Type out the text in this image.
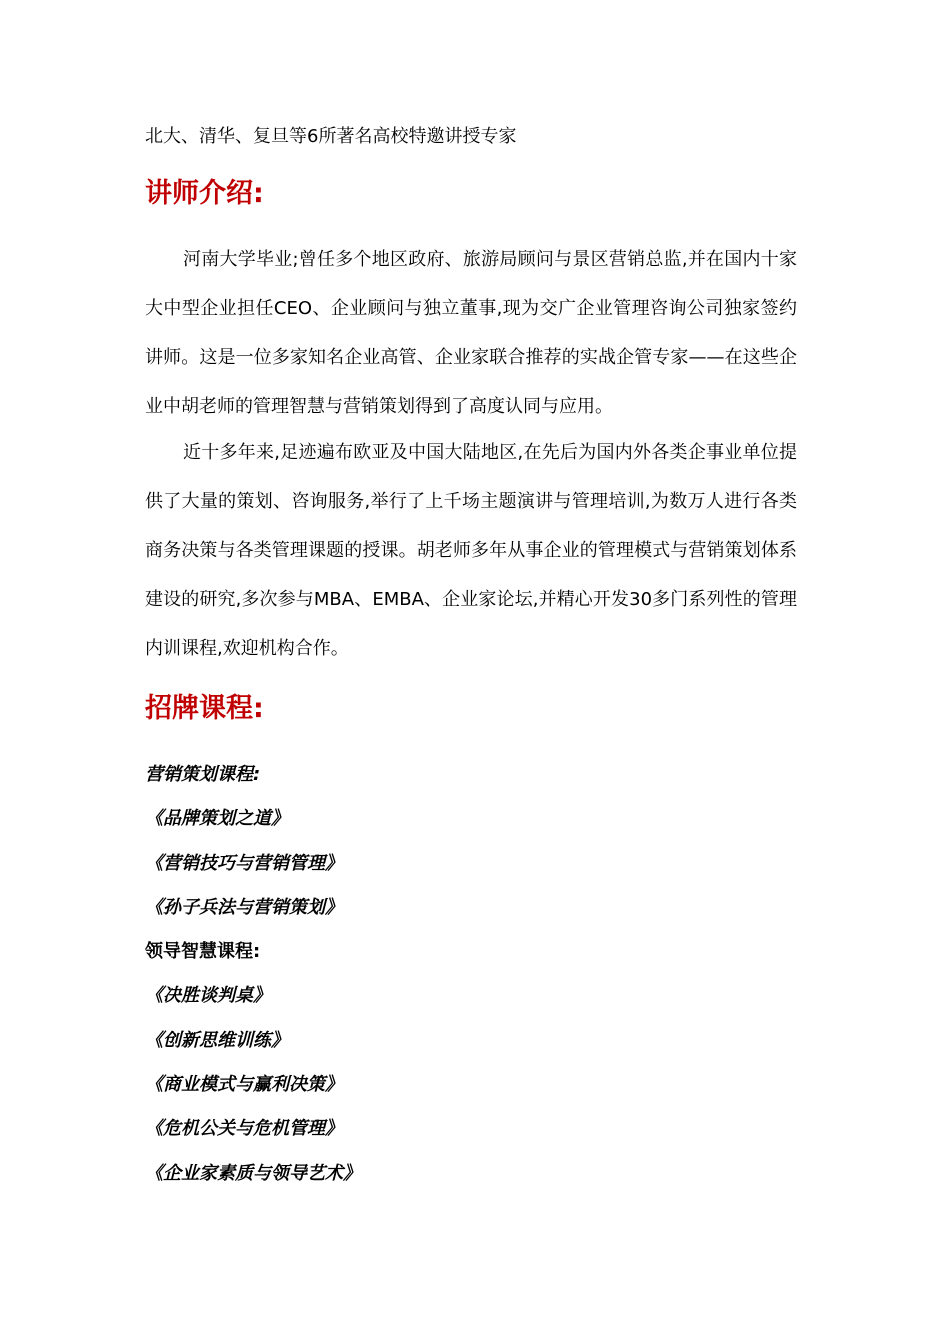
北大、清华、复旦等6所著名高校特邀讲授专家
讲师介绍:

河南大学毕业;曾任多个地区政府、旅游局顾问与景区营销总监,并在国内十家大中型企业担任CEO、企业顾问与独立董事,现为交广企业管理咨询公司独家签约讲师。这是一位多家知名企业高管、企业家联合推荐的实战企管专家——在这些企业中胡老师的管理智慧与营销策划得到了高度认同与应用。

近十多年来,足迹遍布欧亚及中国大陆地区,在先后为国内外各类企事业单位提供了大量的策划、咨询服务,举行了上千场主题演讲与管理培训,为数万人进行各类商务决策与各类管理课题的授课。胡老师多年从事企业的管理模式与营销策划体系建设的研究,多次参与MBA、EMBA、企业家论坛,并精心开发30多门系列性的管理内训课程,欢迎机构合作。

招牌课程:
营销策划课程:
《品牌策划之道》
《营销技巧与营销管理》
《孙子兵法与营销策划》
领导智慧课程:
《决胜谈判桌》
《创新思维训练》
《商业模式与赢利决策》
《危机公关与危机管理》
《企业家素质与领导艺术》
